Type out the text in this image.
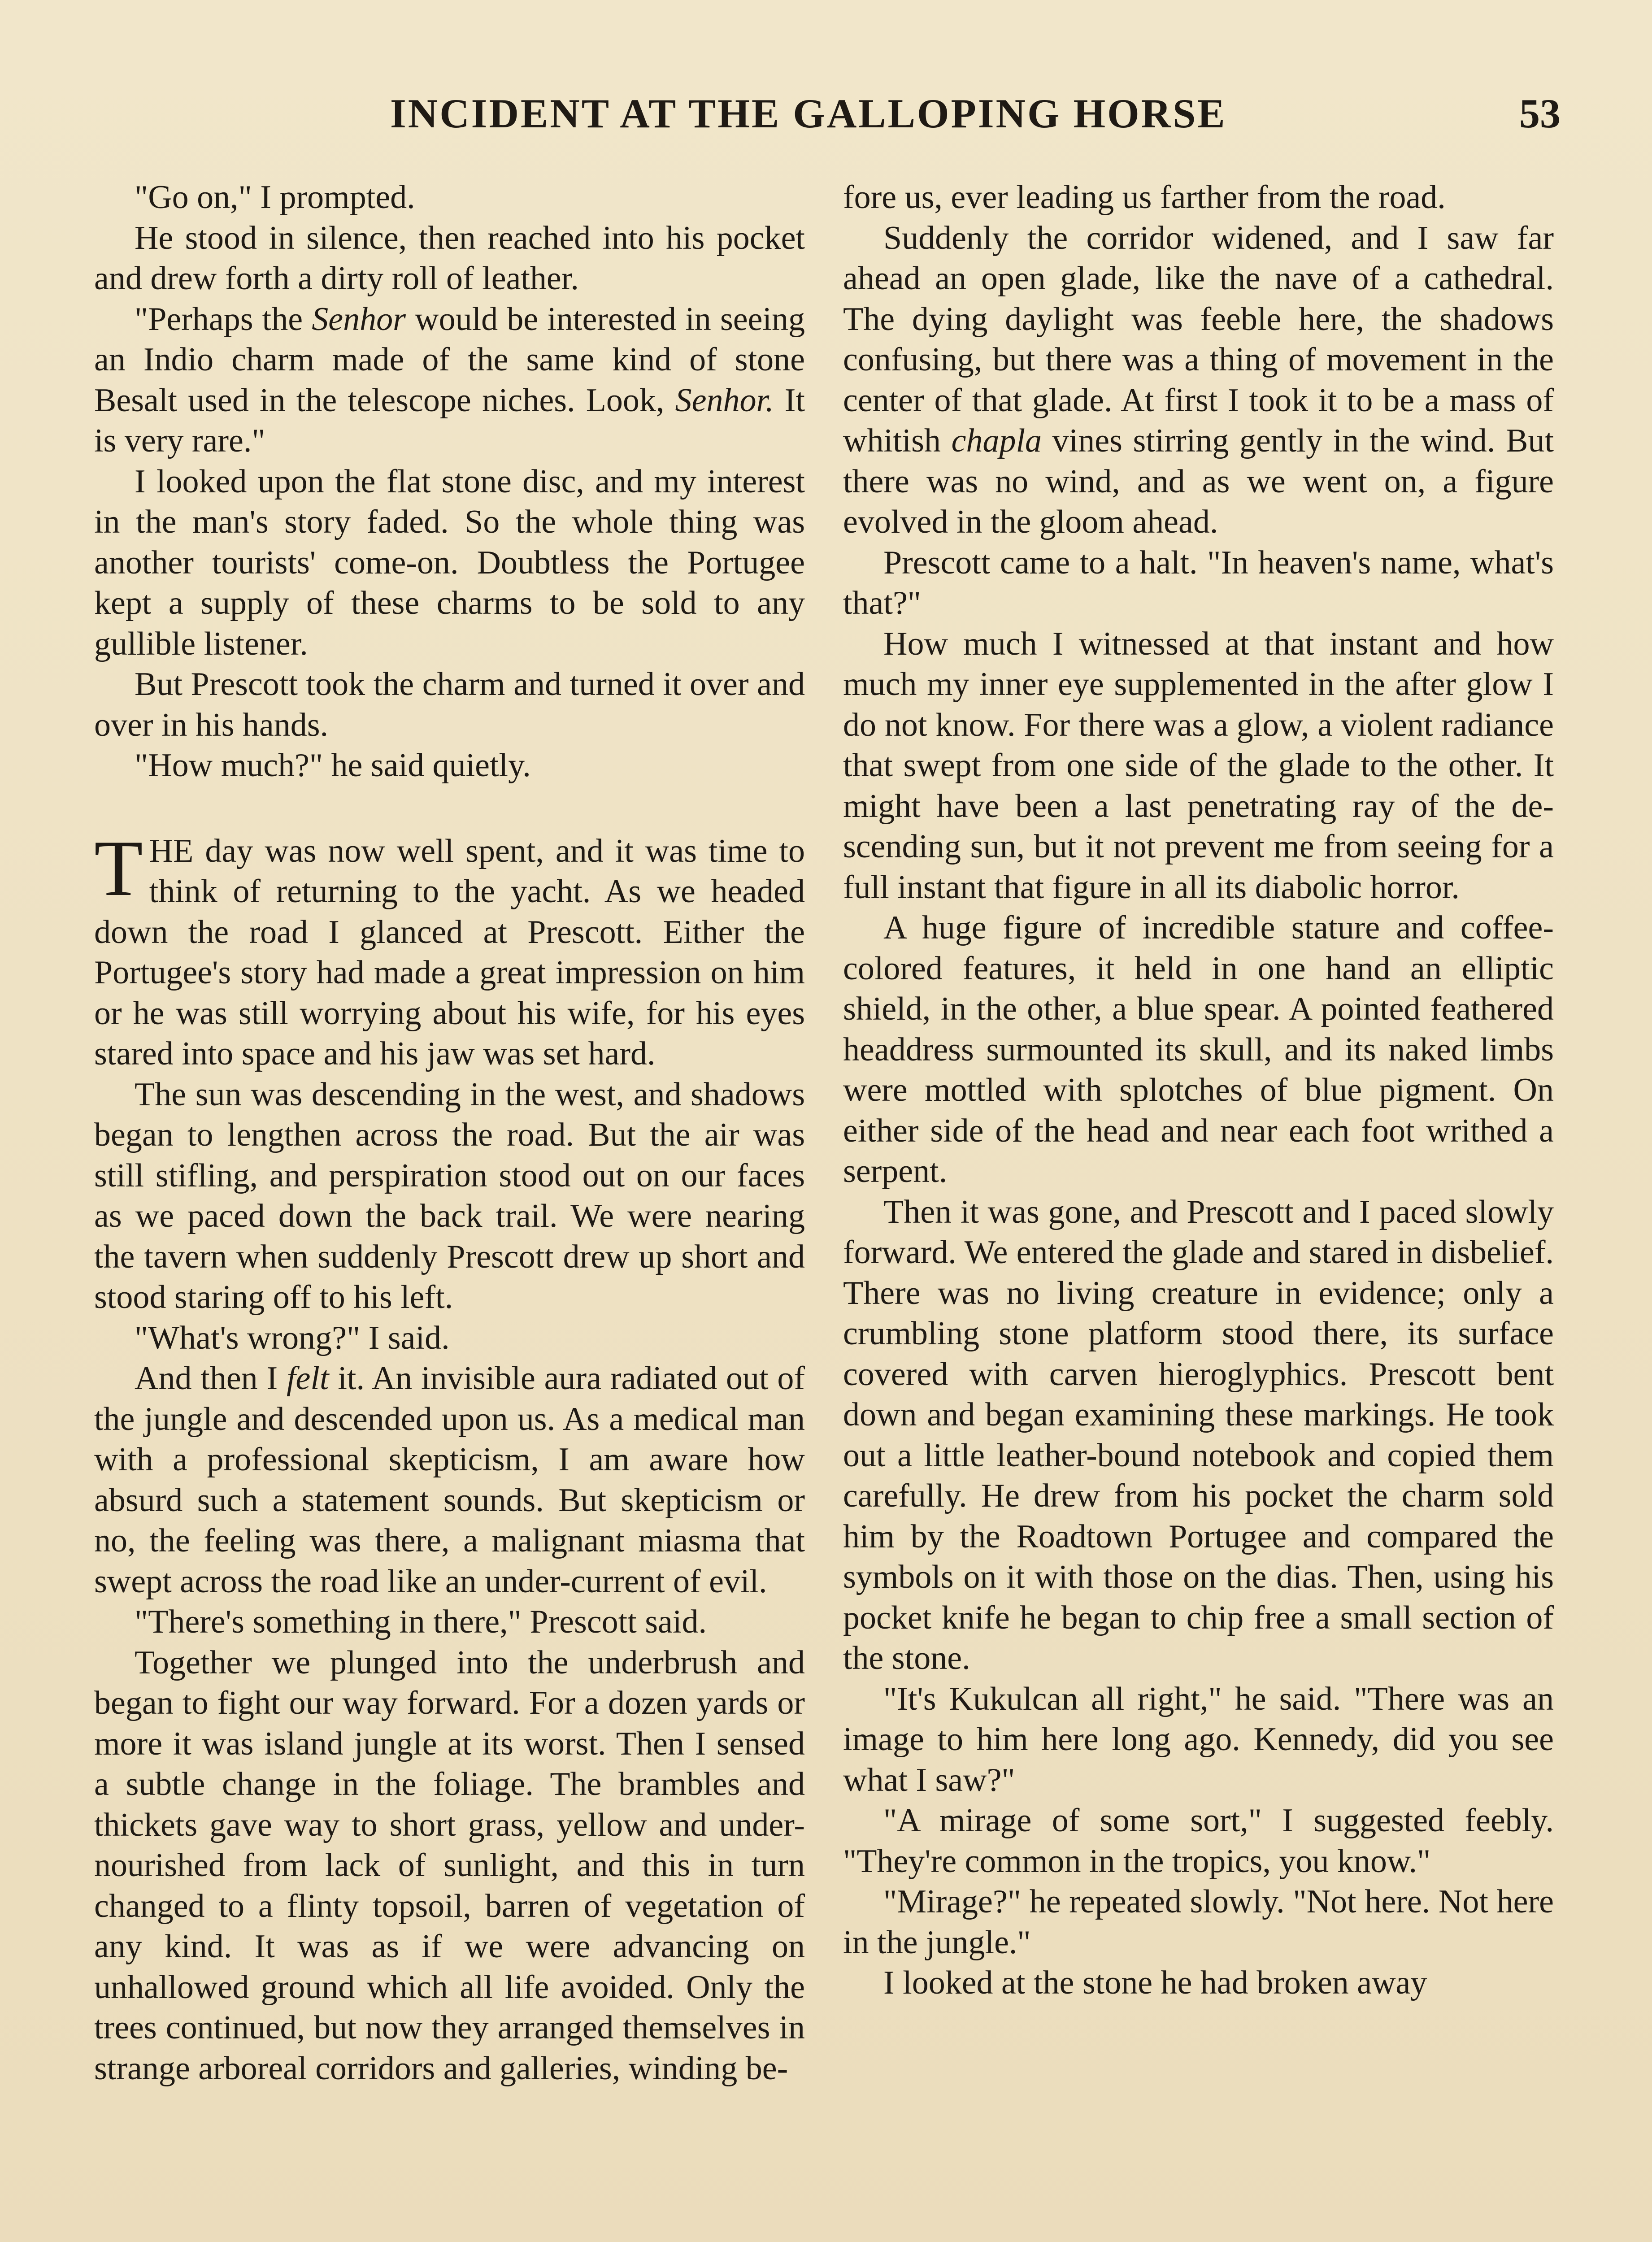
INCIDENT AT THE GALLOPING HORSE	53

"Go on," I prompted.

He stood in silence, then reached into his pocket and drew forth a dirty roll of leather.

"Perhaps the Senhor would be interested in seeing an Indio charm made of the same kind of stone Besalt used in the telescope niches. Look, Senhor. It is very rare."

I looked upon the flat stone disc, and my interest in the man's story faded. So the whole thing was another tourists' come-on. Doubtless the Portugee kept a supply of these charms to be sold to any gullible listener.

But Prescott took the charm and turned it over and over in his hands.

"How much?" he said quietly.

THE day was now well spent, and it was time to think of returning to the yacht. As we headed down the road I glanced at Prescott. Either the Portugee's story had made a great impression on him or he was still worrying about his wife, for his eyes stared into space and his jaw was set hard.

The sun was descending in the west, and shadows began to lengthen across the road. But the air was still stifling, and perspiration stood out on our faces as we paced down the back trail. We were nearing the tavern when suddenly Prescott drew up short and stood staring off to his left.

"What's wrong?" I said.

And then I felt it. An invisible aura radiated out of the jungle and descended upon us. As a medical man with a professional skepticism, I am aware how absurd such a statement sounds. But skepticism or no, the feeling was there, a malignant miasma that swept across the road like an under-current of evil.

"There's something in there," Prescott said.

Together we plunged into the underbrush and began to fight our way forward. For a dozen yards or more it was island jungle at its worst. Then I sensed a subtle change in the foliage. The brambles and thickets gave way to short grass, yellow and under-nourished from lack of sunlight, and this in turn changed to a flinty topsoil, barren of vegetation of any kind. It was as if we were advancing on unhallowed ground which all life avoided. Only the trees continued, but now they arranged themselves in strange arboreal corridors and galleries, winding be-

fore us, ever leading us farther from the road.

Suddenly the corridor widened, and I saw far ahead an open glade, like the nave of a cathedral. The dying daylight was feeble here, the shadows confusing, but there was a thing of movement in the center of that glade. At first I took it to be a mass of whitish chapla vines stirring gently in the wind. But there was no wind, and as we went on, a figure evolved in the gloom ahead.

Prescott came to a halt. "In heaven's name, what's that?"

How much I witnessed at that instant and how much my inner eye supplemented in the after glow I do not know. For there was a glow, a violent radiance that swept from one side of the glade to the other. It might have been a last penetrating ray of the descending sun, but it not prevent me from seeing for a full instant that figure in all its diabolic horror.

A huge figure of incredible stature and coffee-colored features, it held in one hand an elliptic shield, in the other, a blue spear. A pointed feathered headdress surmounted its skull, and its naked limbs were mottled with splotches of blue pigment. On either side of the head and near each foot writhed a serpent.

Then it was gone, and Prescott and I paced slowly forward. We entered the glade and stared in disbelief. There was no living creature in evidence; only a crumbling stone platform stood there, its surface covered with carven hieroglyphics. Prescott bent down and began examining these markings. He took out a little leather-bound notebook and copied them carefully. He drew from his pocket the charm sold him by the Roadtown Portugee and compared the symbols on it with those on the dias. Then, using his pocket knife he began to chip free a small section of the stone.

"It's Kukulcan all right," he said. "There was an image to him here long ago. Kennedy, did you see what I saw?"

"A mirage of some sort," I suggested feebly. "They're common in the tropics, you know."

"Mirage?" he repeated slowly. "Not here. Not here in the jungle."

I looked at the stone he had broken away
